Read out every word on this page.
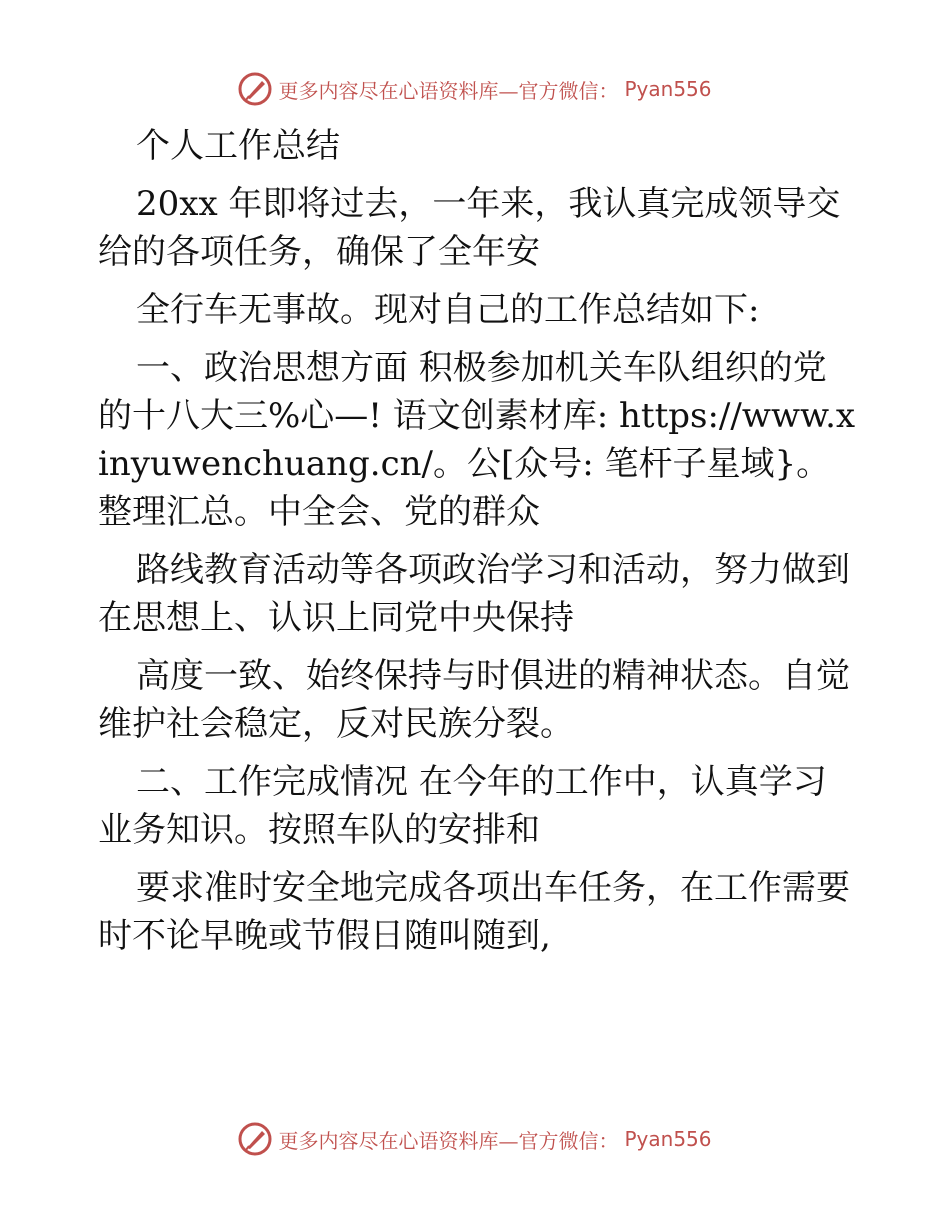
更多内容尽在心语资料库—官方微信： Pyan556

个人工作总结

20xx 年即将过去，一年来，我认真完成领导交给的各项任务，确保了全年安

全行车无事故。现对自己的工作总结如下:

一、政治思想方面 积极参加机关车队组织的党的十八大三%心—! 语文创素材库: https://www.xinyuwenchuang.cn/。公[众号: 笔杆子星域}。整理汇总。中全会、党的群众

路线教育活动等各项政治学习和活动，努力做到在思想上、认识上同党中央保持

高度一致、始终保持与时俱进的精神状态。自觉维护社会稳定，反对民族分裂。

二、工作完成情况 在今年的工作中，认真学习业务知识。按照车队的安排和

要求准时安全地完成各项出车任务，在工作需要时不论早晚或节假日随叫随到,

更多内容尽在心语资料库—官方微信： Pyan556
